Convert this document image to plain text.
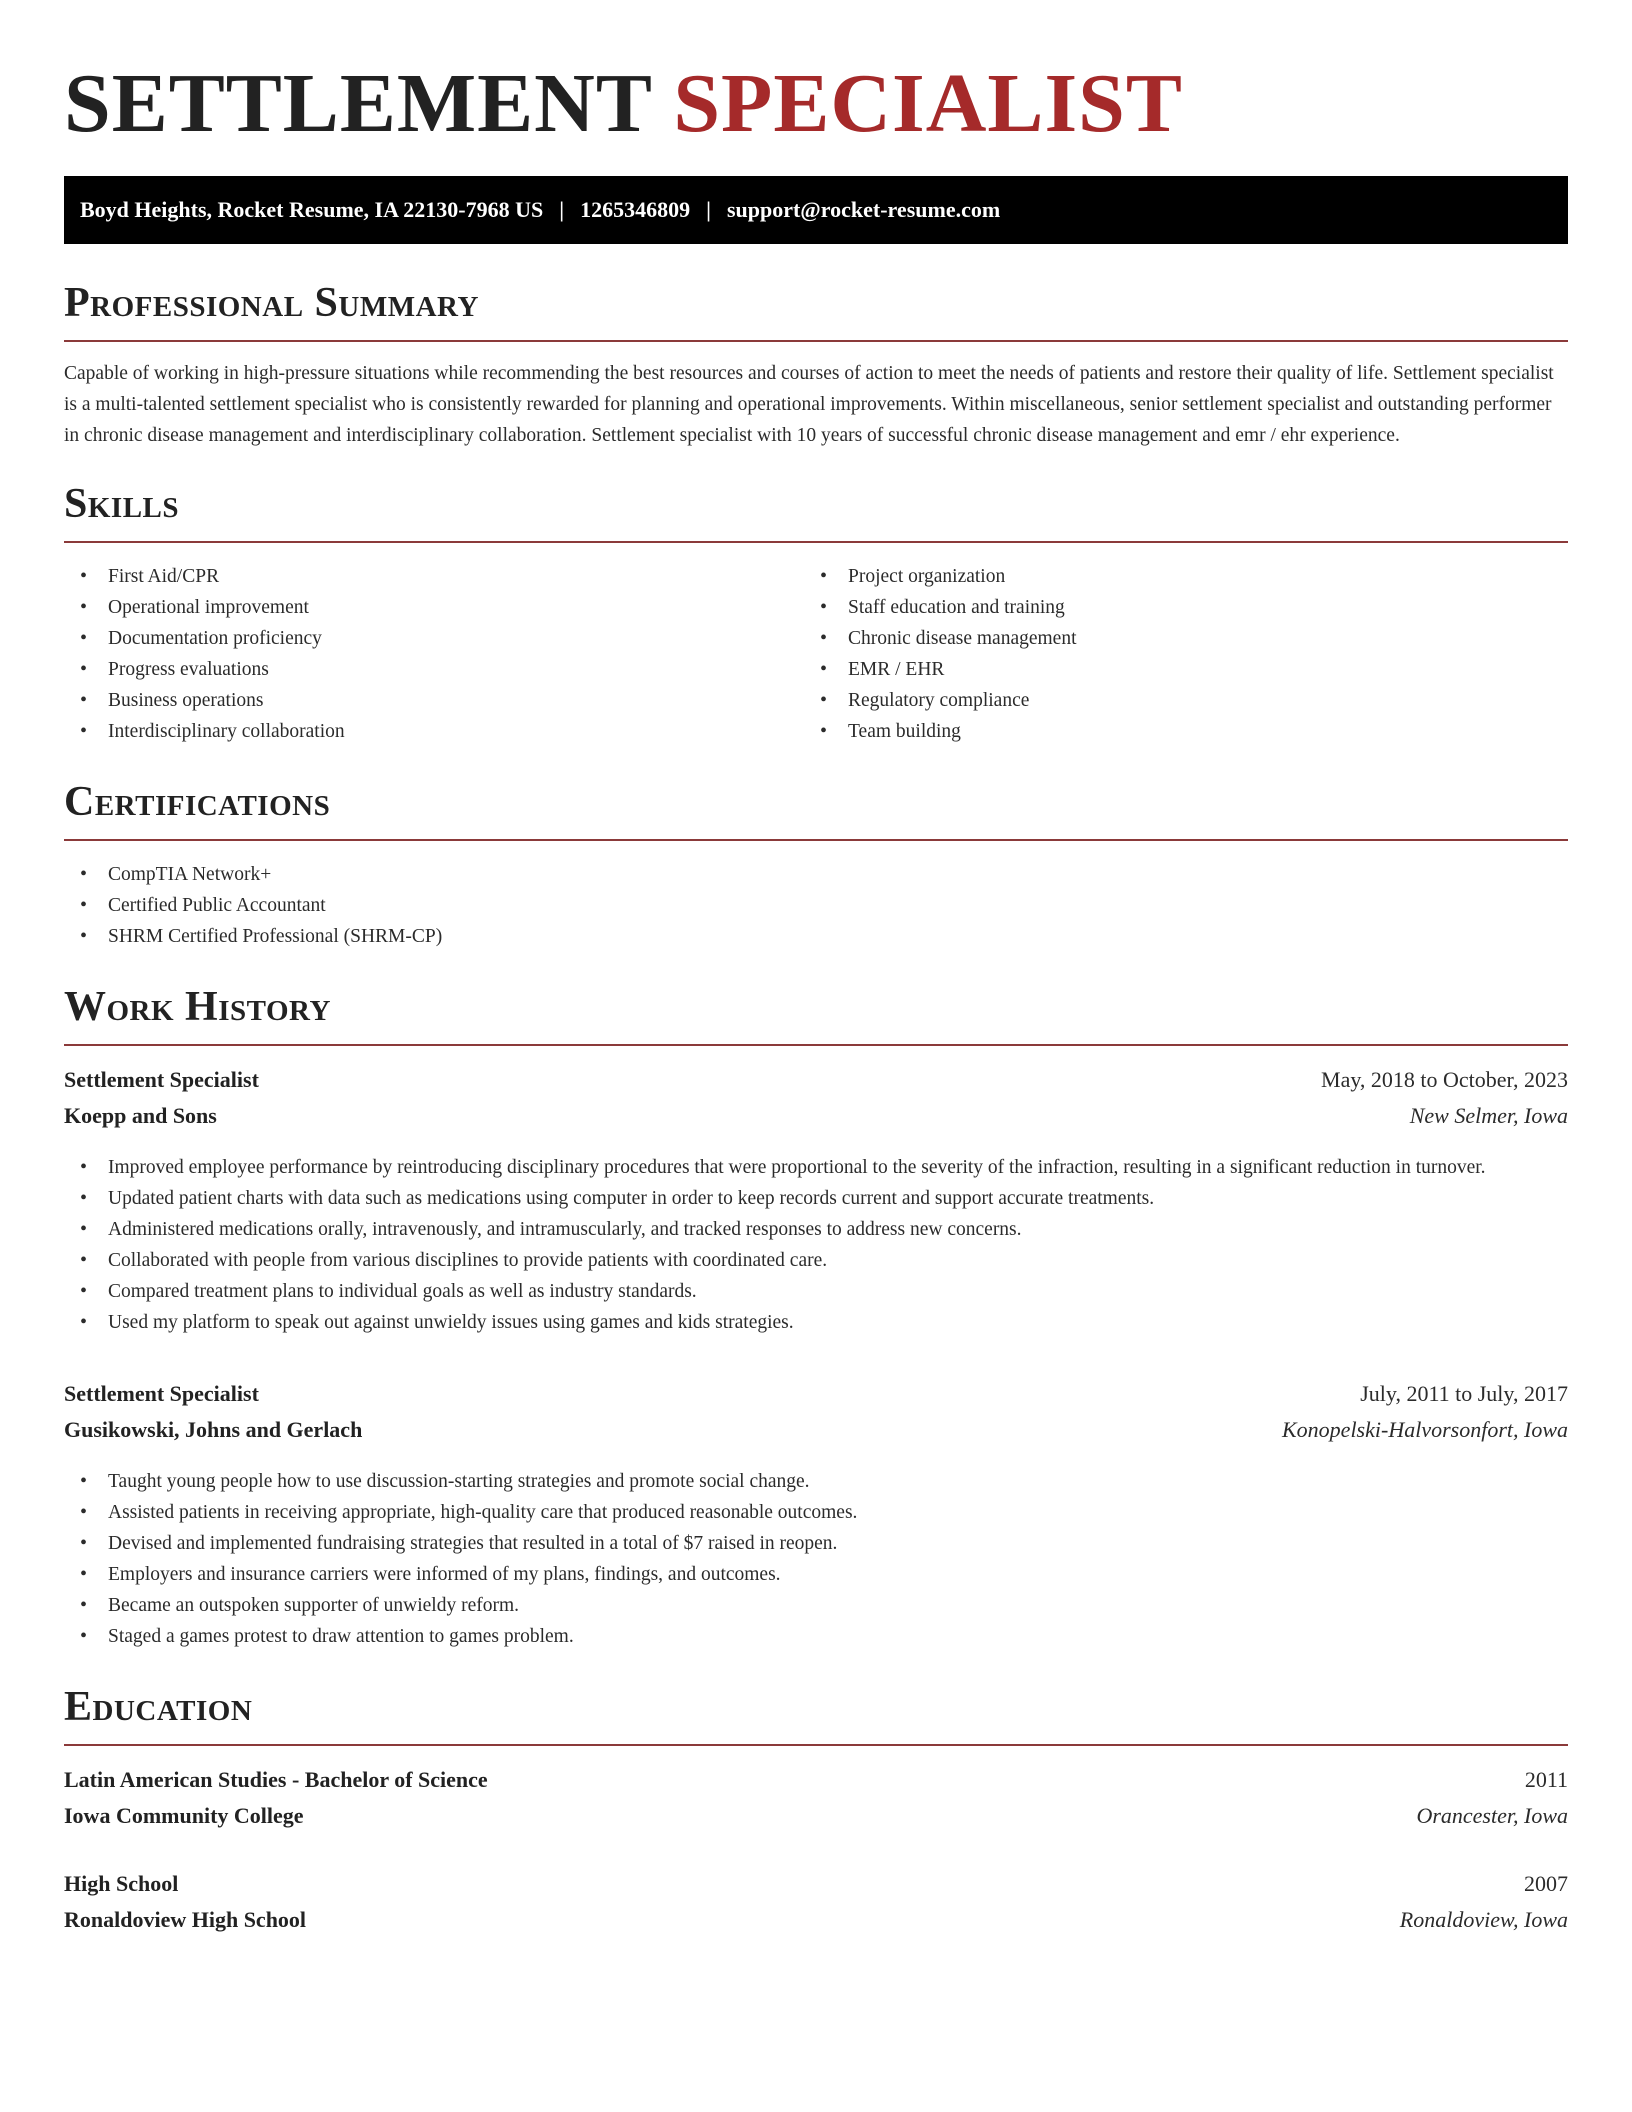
SETTLEMENT SPECIALIST
Boyd Heights, Rocket Resume, IA 22130-7968 US | 1265346809 | support@rocket-resume.com
Professional Summary

Capable of working in high-pressure situations while recommending the best resources and courses of action to meet the needs of patients and restore their quality of life. Settlement specialist is a multi-talented settlement specialist who is consistently rewarded for planning and operational improvements. Within miscellaneous, senior settlement specialist and outstanding performer in chronic disease management and interdisciplinary collaboration. Settlement specialist with 10 years of successful chronic disease management and emr / ehr experience.

Skills
• First Aid/CPR
• Operational improvement
• Documentation proficiency
• Progress evaluations
• Business operations
• Interdisciplinary collaboration
• Project organization
• Staff education and training
• Chronic disease management
• EMR / EHR
• Regulatory compliance
• Team building
Certifications
• CompTIA Network+
• Certified Public Accountant
• SHRM Certified Professional (SHRM-CP)
Work History
Settlement Specialist	May, 2018 to October, 2023
Koepp and Sons	New Selmer, Iowa
• Improved employee performance by reintroducing disciplinary procedures that were proportional to the severity of the infraction, resulting in a significant reduction in turnover.
• Updated patient charts with data such as medications using computer in order to keep records current and support accurate treatments.
• Administered medications orally, intravenously, and intramuscularly, and tracked responses to address new concerns.
• Collaborated with people from various disciplines to provide patients with coordinated care.
• Compared treatment plans to individual goals as well as industry standards.
• Used my platform to speak out against unwieldy issues using games and kids strategies.
Settlement Specialist	July, 2011 to July, 2017
Gusikowski, Johns and Gerlach	Konopelski-Halvorsonfort, Iowa
• Taught young people how to use discussion-starting strategies and promote social change.
• Assisted patients in receiving appropriate, high-quality care that produced reasonable outcomes.
• Devised and implemented fundraising strategies that resulted in a total of $7 raised in reopen.
• Employers and insurance carriers were informed of my plans, findings, and outcomes.
• Became an outspoken supporter of unwieldy reform.
• Staged a games protest to draw attention to games problem.
Education
Latin American Studies - Bachelor of Science	2011
Iowa Community College	Orancester, Iowa
High School	2007
Ronaldoview High School	Ronaldoview, Iowa
